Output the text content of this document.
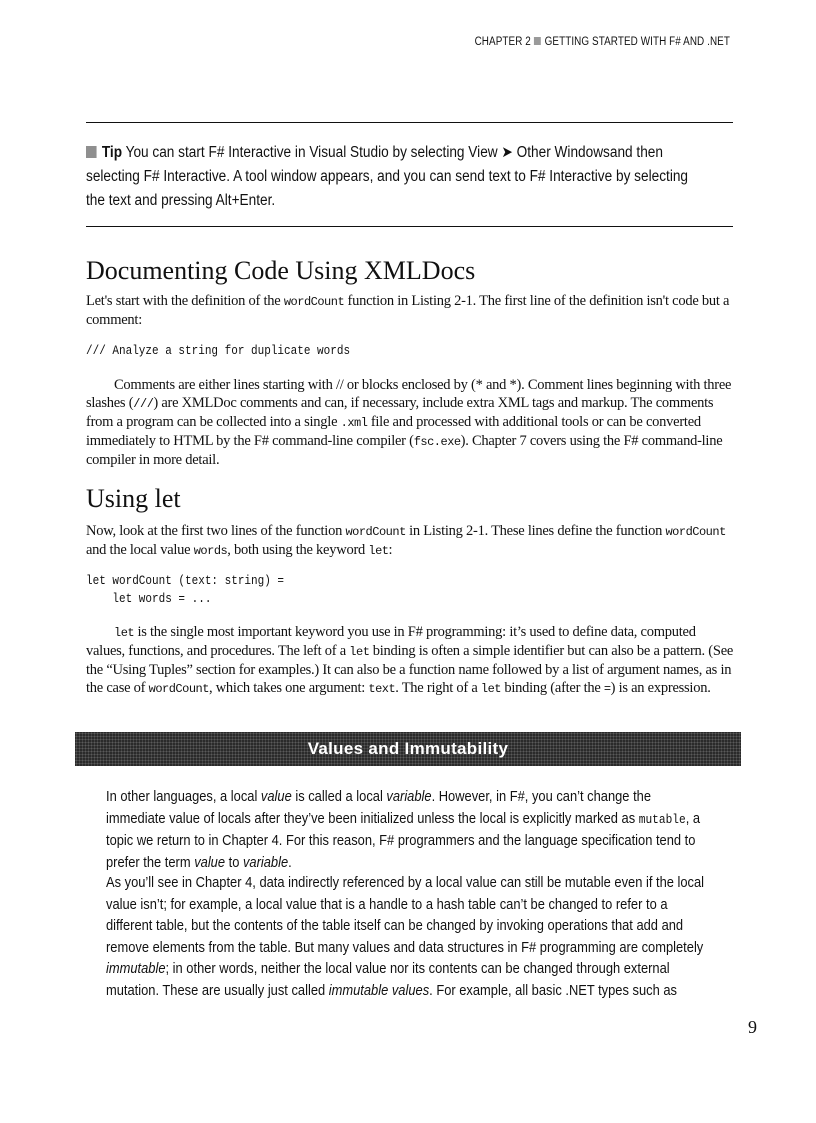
CHAPTER 2 GETTING STARTED WITH F# AND .NET
Tip You can start F# Interactive in Visual Studio by selecting View ➤ Other Windowsand then selecting F# Interactive. A tool window appears, and you can send text to F# Interactive by selecting the text and pressing Alt+Enter.
Documenting Code Using XMLDocs

Let's start with the definition of the wordCount function in Listing 2-1. The first line of the definition isn't code but a comment:

/// Analyze a string for duplicate words

Comments are either lines starting with // or blocks enclosed by (* and *). Comment lines beginning with three slashes (///) are XMLDoc comments and can, if necessary, include extra XML tags and markup. The comments from a program can be collected into a single .xml file and processed with additional tools or can be converted immediately to HTML by the F# command-line compiler (fsc.exe). Chapter 7 covers using the F# command-line compiler in more detail.

Using let

Now, look at the first two lines of the function wordCount in Listing 2-1. These lines define the function wordCount and the local value words, both using the keyword let:

let wordCount (text: string) =
let words = ...

let is the single most important keyword you use in F# programming: it’s used to define data, computed values, functions, and procedures. The left of a let binding is often a simple identifier but can also be a pattern. (See the “Using Tuples” section for examples.) It can also be a function name followed by a list of argument names, as in the case of wordCount, which takes one argument: text. The right of a let binding (after the =) is an expression.

Values and Immutability

In other languages, a local value is called a local variable. However, in F#, you can’t change the immediate value of locals after they’ve been initialized unless the local is explicitly marked as mutable, a topic we return to in Chapter 4. For this reason, F# programmers and the language specification tend to prefer the term value to variable.

As you’ll see in Chapter 4, data indirectly referenced by a local value can still be mutable even if the local value isn’t; for example, a local value that is a handle to a hash table can’t be changed to refer to a different table, but the contents of the table itself can be changed by invoking operations that add and remove elements from the table. But many values and data structures in F# programming are completely immutable; in other words, neither the local value nor its contents can be changed through external mutation. These are usually just called immutable values. For example, all basic .NET types such as

9
